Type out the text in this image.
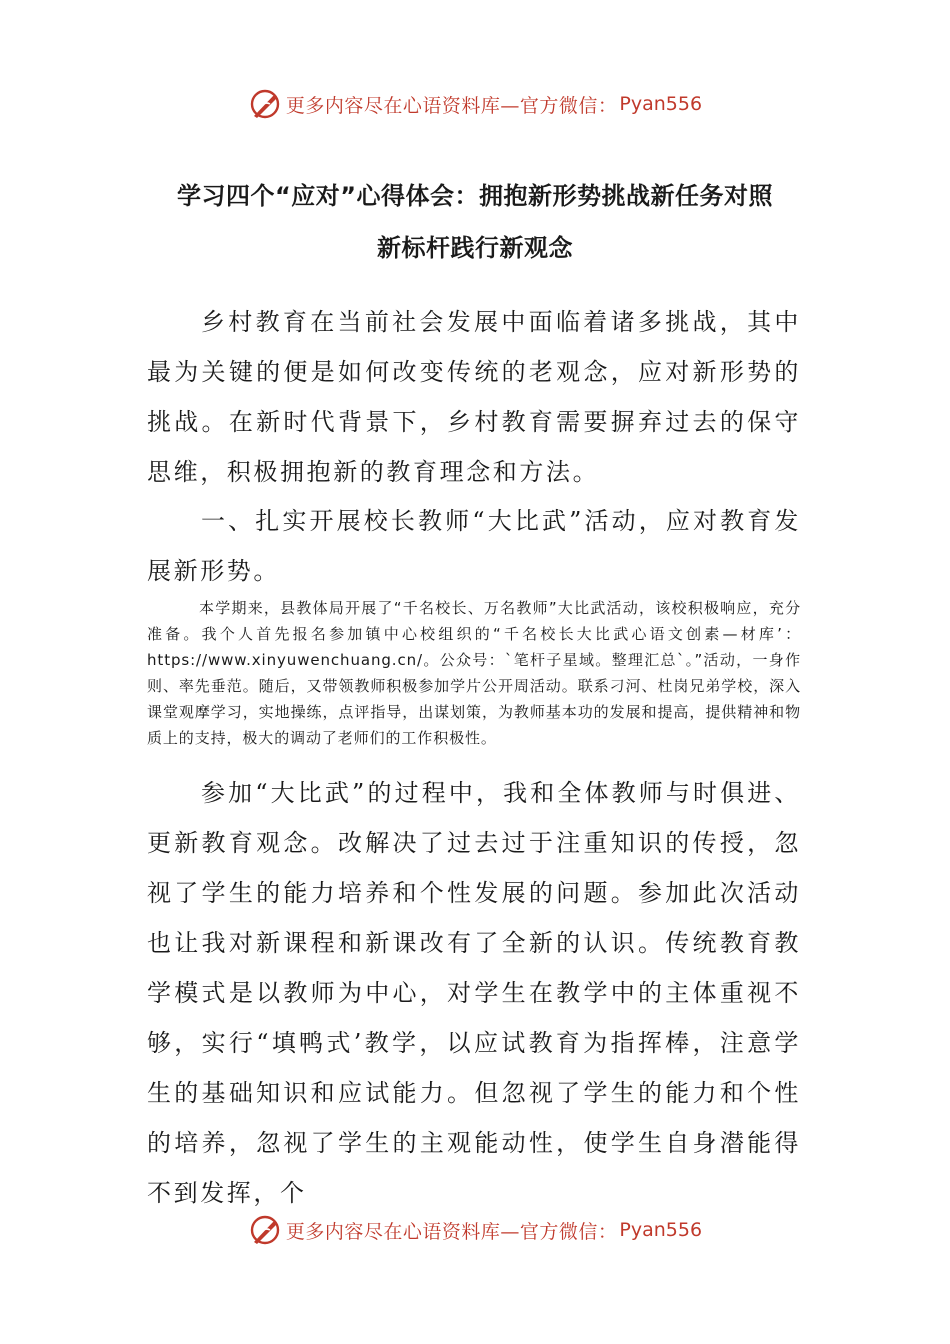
更多内容尽在心语资料库—官方微信： Pyan556
学习四个“应对”心得体会：拥抱新形势挑战新任务对照
新标杆践行新观念

乡村教育在当前社会发展中面临着诸多挑战，其中最为关键的便是如何改变传统的老观念，应对新形势的挑战。在新时代背景下，乡村教育需要摒弃过去的保守思维，积极拥抱新的教育理念和方法。

一、扎实开展校长教师“大比武”活动，应对教育发展新形势。

本学期来，县教体局开展了“千名校长、万名教师”大比武活动，该校积极响应，充分准备。我个人首先报名参加镇中心校组织的“千名校长大比武心语文创素—材库’：https://www.xinyuwenchuang.cn/。公众号：`笔杆子星域。整理汇总`。”活动，一身作则、率先垂范。随后，又带领教师积极参加学片公开周活动。联系刁河、杜岗兄弟学校，深入课堂观摩学习，实地操练，点评指导，出谋划策，为教师基本功的发展和提高，提供精神和物质上的支持，极大的调动了老师们的工作积极性。

参加“大比武”的过程中，我和全体教师与时俱进、更新教育观念。改解决了过去过于注重知识的传授，忽视了学生的能力培养和个性发展的问题。参加此次活动也让我对新课程和新课改有了全新的认识。传统教育教学模式是以教师为中心，对学生在教学中的主体重视不够，实行“填鸭式’教学，以应试教育为指挥棒，注意学生的基础知识和应试能力。但忽视了学生的能力和个性的培养，忽视了学生的主观能动性，使学生自身潜能得不到发挥，个

更多内容尽在心语资料库—官方微信： Pyan556
